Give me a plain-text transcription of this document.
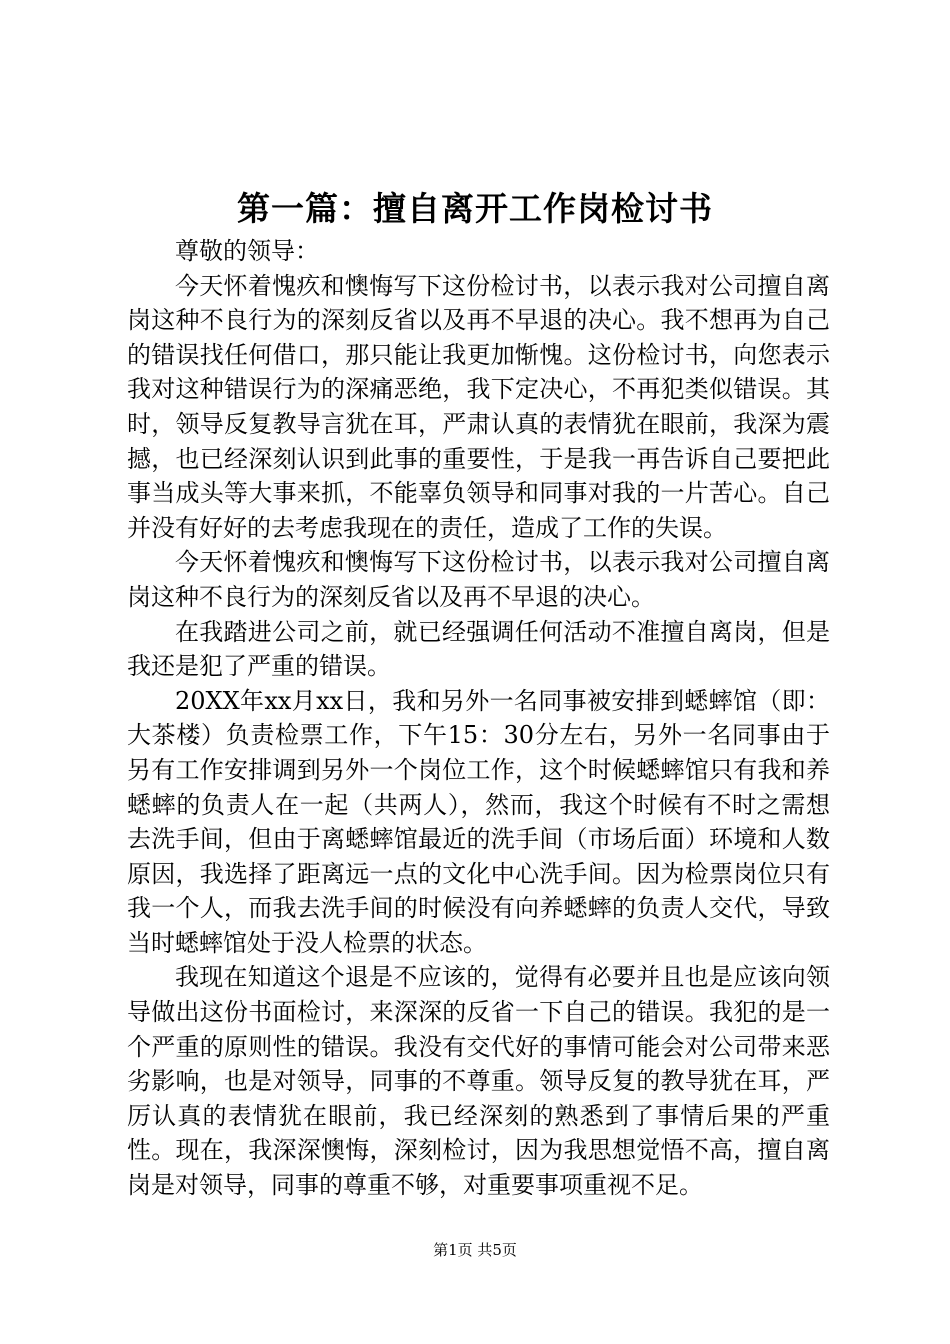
第一篇：擅自离开工作岗检讨书

尊敬的领导：

今天怀着愧疚和懊悔写下这份检讨书，以表示我对公司擅自离岗这种不良行为的深刻反省以及再不早退的决心。我不想再为自己的错误找任何借口，那只能让我更加惭愧。这份检讨书，向您表示我对这种错误行为的深痛恶绝，我下定决心，不再犯类似错误。其时，领导反复教导言犹在耳，严肃认真的表情犹在眼前，我深为震撼，也已经深刻认识到此事的重要性，于是我一再告诉自己要把此事当成头等大事来抓，不能辜负领导和同事对我的一片苦心。自己并没有好好的去考虑我现在的责任，造成了工作的失误。

今天怀着愧疚和懊悔写下这份检讨书，以表示我对公司擅自离岗这种不良行为的深刻反省以及再不早退的决心。

在我踏进公司之前，就已经强调任何活动不准擅自离岗，但是我还是犯了严重的错误。

20XX年xx月xx日，我和另外一名同事被安排到蟋蟀馆（即：大茶楼）负责检票工作，下午15：30分左右，另外一名同事由于另有工作安排调到另外一个岗位工作，这个时候蟋蟀馆只有我和养蟋蟀的负责人在一起（共两人），然而，我这个时候有不时之需想去洗手间，但由于离蟋蟀馆最近的洗手间（市场后面）环境和人数原因，我选择了距离远一点的文化中心洗手间。因为检票岗位只有我一个人，而我去洗手间的时候没有向养蟋蟀的负责人交代，导致当时蟋蟀馆处于没人检票的状态。

我现在知道这个退是不应该的，觉得有必要并且也是应该向领导做出这份书面检讨，来深深的反省一下自己的错误。我犯的是一个严重的原则性的错误。我没有交代好的事情可能会对公司带来恶劣影响，也是对领导，同事的不尊重。领导反复的教导犹在耳，严厉认真的表情犹在眼前，我已经深刻的熟悉到了事情后果的严重性。现在，我深深懊悔，深刻检讨，因为我思想觉悟不高，擅自离岗是对领导，同事的尊重不够，对重要事项重视不足。

第1页 共5页
